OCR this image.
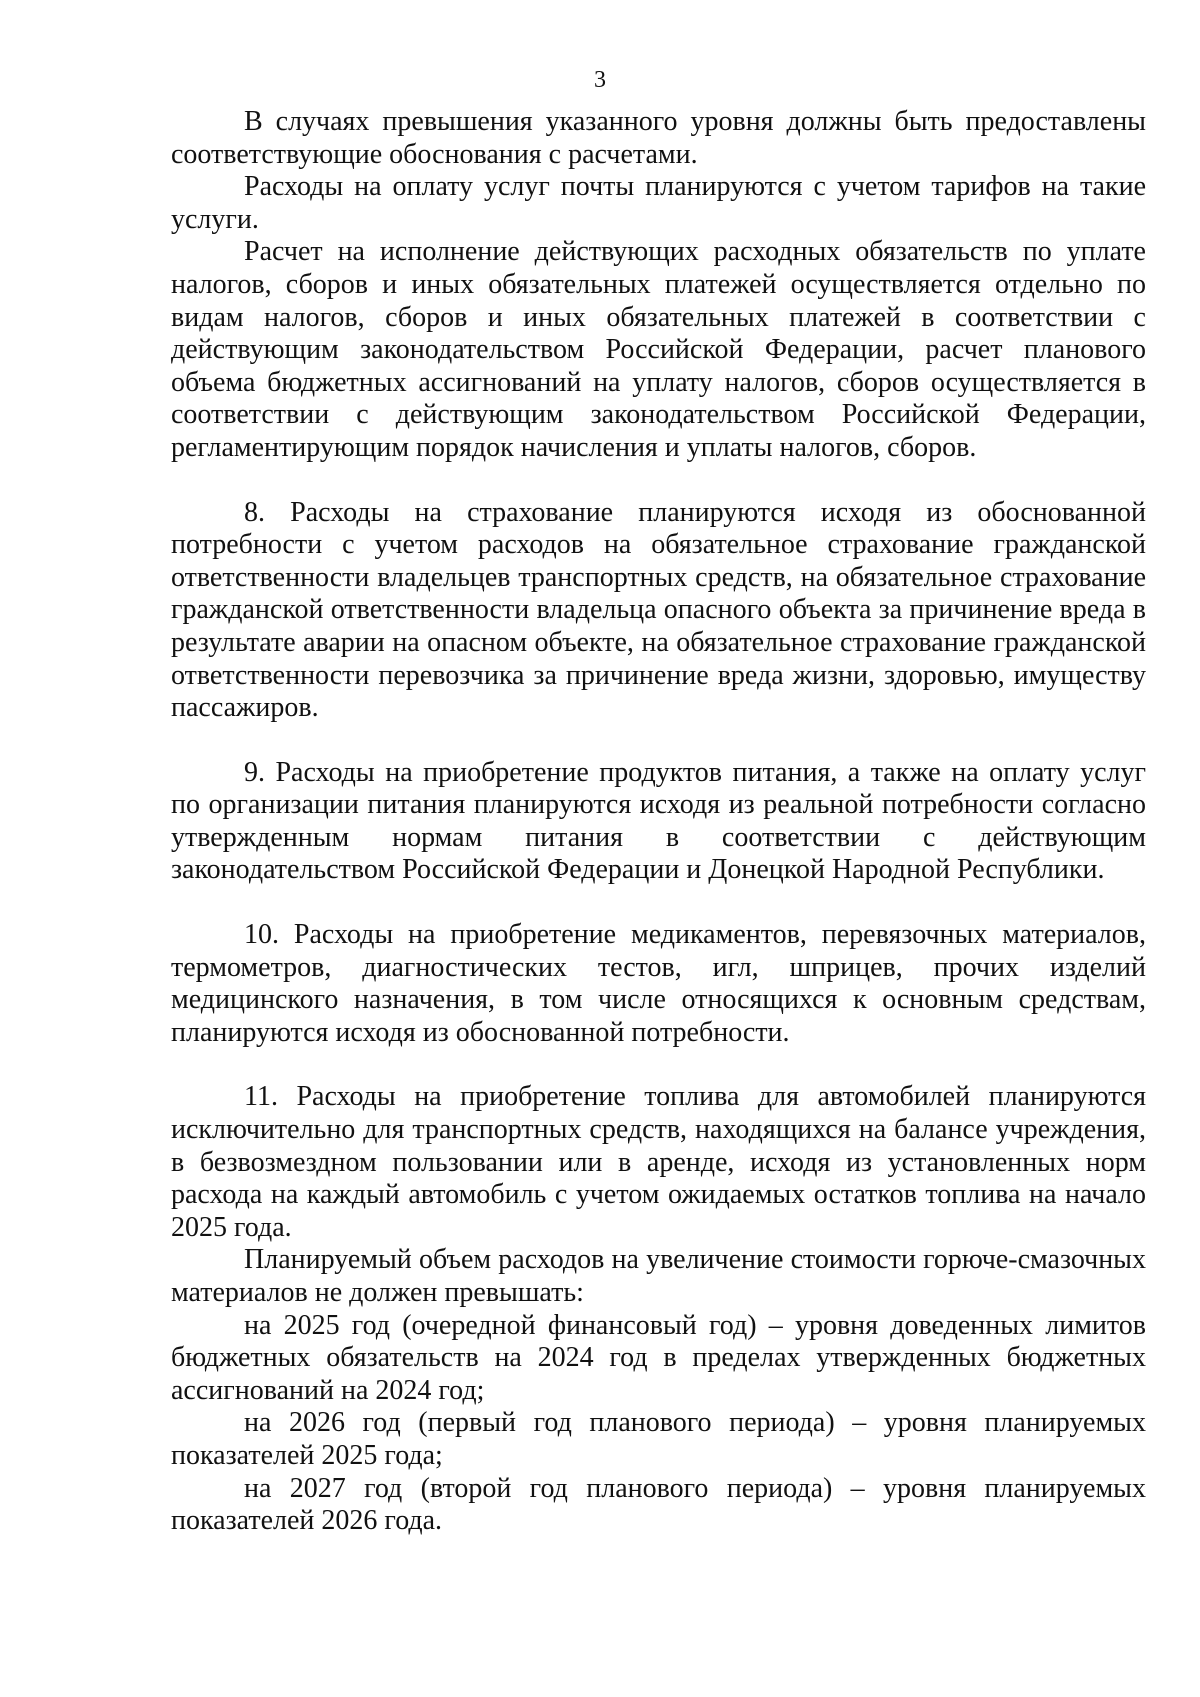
3

В случаях превышения указанного уровня должны быть предоставлены соответствующие обоснования с расчетами.

Расходы на оплату услуг почты планируются с учетом тарифов на такие услуги.

Расчет на исполнение действующих расходных обязательств по уплате налогов, сборов и иных обязательных платежей осуществляется отдельно по видам налогов, сборов и иных обязательных платежей в соответствии с действующим законодательством Российской Федерации, расчет планового объема бюджетных ассигнований на уплату налогов, сборов осуществляется в соответствии с действующим законодательством Российской Федерации, регламентирующим порядок начисления и уплаты налогов, сборов.

8. Расходы на страхование планируются исходя из обоснованной потребности с учетом расходов на обязательное страхование гражданской ответственности владельцев транспортных средств, на обязательное страхование гражданской ответственности владельца опасного объекта за причинение вреда в результате аварии на опасном объекте, на обязательное страхование гражданской ответственности перевозчика за причинение вреда жизни, здоровью, имуществу пассажиров.

9. Расходы на приобретение продуктов питания, а также на оплату услуг по организации питания планируются исходя из реальной потребности согласно утвержденным нормам питания в соответствии с действующим законодательством Российской Федерации и Донецкой Народной Республики.

10. Расходы на приобретение медикаментов, перевязочных материалов, термометров, диагностических тестов, игл, шприцев, прочих изделий медицинского назначения, в том числе относящихся к основным средствам, планируются исходя из обоснованной потребности.

11. Расходы на приобретение топлива для автомобилей планируются исключительно для транспортных средств, находящихся на балансе учреждения, в безвозмездном пользовании или в аренде, исходя из установленных норм расхода на каждый автомобиль с учетом ожидаемых остатков топлива на начало 2025 года.

Планируемый объем расходов на увеличение стоимости горюче-смазочных материалов не должен превышать:

на 2025 год (очередной финансовый год) – уровня доведенных лимитов бюджетных обязательств на 2024 год в пределах утвержденных бюджетных ассигнований на 2024 год;

на 2026 год (первый год планового периода) – уровня планируемых показателей 2025 года;

на 2027 год (второй год планового периода) – уровня планируемых показателей 2026 года.
